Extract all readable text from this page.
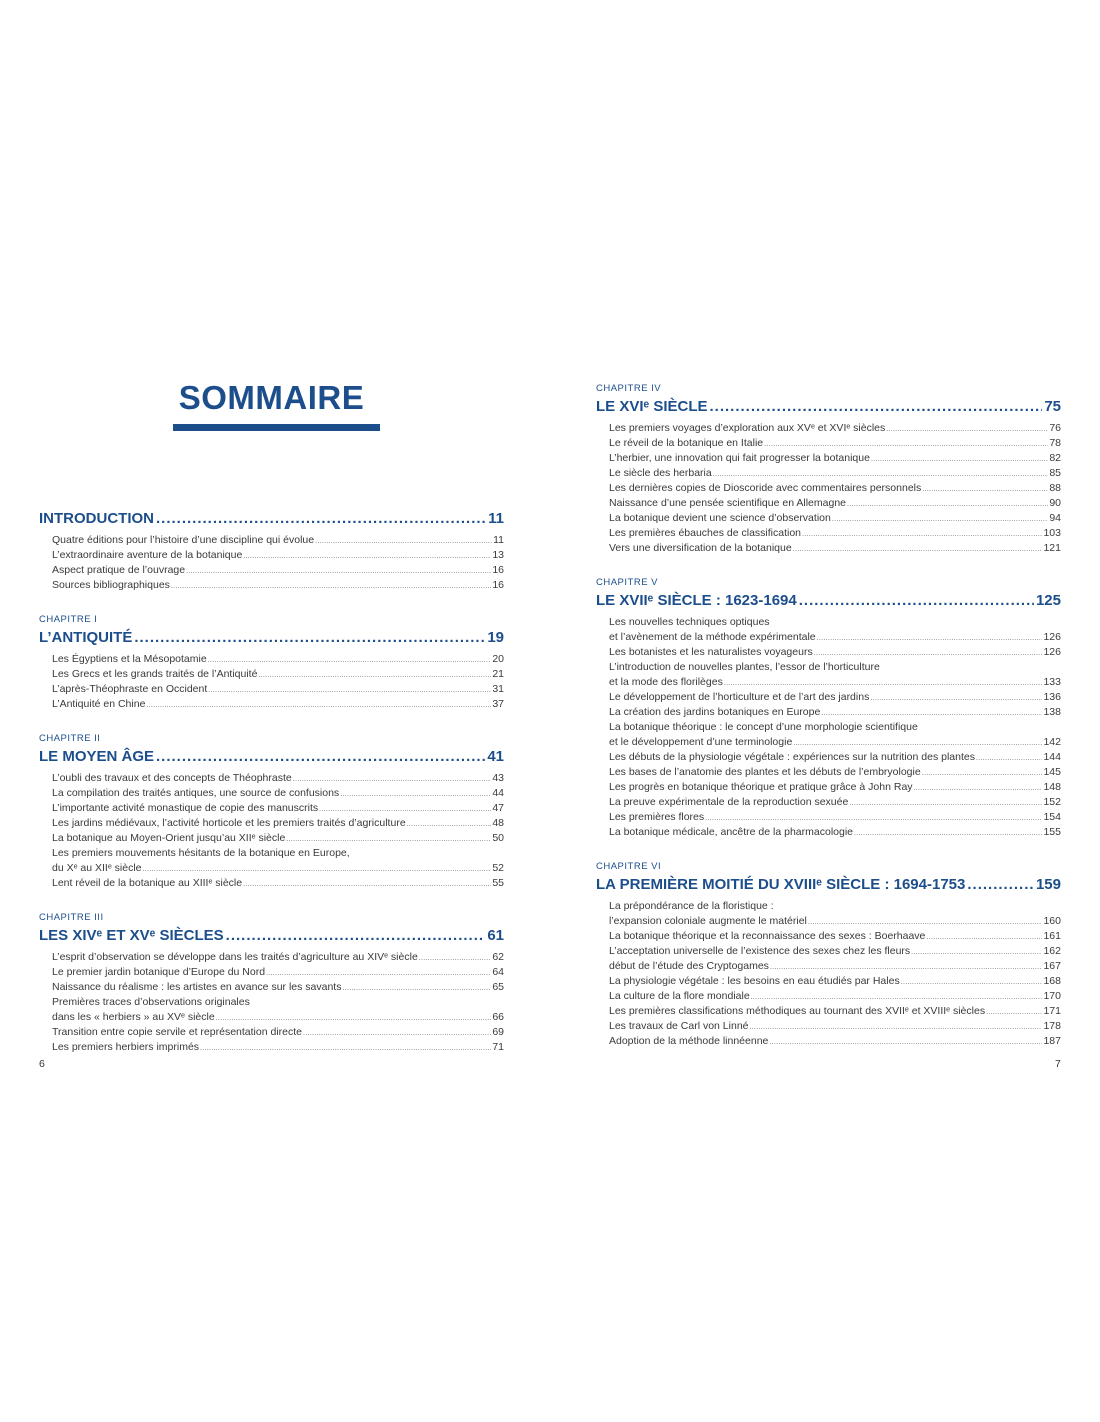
SOMMAIRE
INTRODUCTION .....	11
Quatre éditions pour l’histoire d’une discipline qui évolue .....	11
L’extraordinaire aventure de la botanique .....	13
Aspect pratique de l’ouvrage .....	16
Sources bibliographiques .....	16
CHAPITRE I
L’ANTIQUITÉ .....	19
Les Égyptiens et la Mésopotamie .....	20
Les Grecs et les grands traités de l’Antiquité .....	21
L’après-Théophraste en Occident .....	31
L’Antiquité en Chine .....	37
CHAPITRE II
LE MOYEN ÂGE .....	41
L’oubli des travaux et des concepts de Théophraste .....	43
La compilation des traités antiques, une source de confusions .....	44
L’importante activité monastique de copie des manuscrits .....	47
Les jardins médiévaux, l’activité horticole et les premiers traités d’agriculture .....	48
La botanique au Moyen-Orient jusqu’au XIIᵉ siècle .....	50
Les premiers mouvements hésitants de la botanique en Europe,
du Xᵉ au XIIᵉ siècle .....	52
Lent réveil de la botanique au XIIIᵉ siècle .....	55
CHAPITRE III
LES XIVᵉ ET XVᵉ SIÈCLES .....	61
L’esprit d’observation se développe dans les traités d’agriculture au XIVᵉ siècle .....	62
Le premier jardin botanique d’Europe du Nord .....	64
Naissance du réalisme : les artistes en avance sur les savants .....	65
Premières traces d’observations originales
dans les « herbiers » au XVᵉ siècle .....	66
Transition entre copie servile et représentation directe .....	69
Les premiers herbiers imprimés .....	71
CHAPITRE IV
LE XVIᵉ SIÈCLE .....	75
Les premiers voyages d’exploration aux XVᵉ et XVIᵉ siècles .....	76
Le réveil de la botanique en Italie .....	78
L’herbier, une innovation qui fait progresser la botanique .....	82
Le siècle des herbaria .....	85
Les dernières copies de Dioscoride avec commentaires personnels .....	88
Naissance d’une pensée scientifique en Allemagne .....	90
La botanique devient une science d’observation .....	94
Les premières ébauches de classification .....	103
Vers une diversification de la botanique .....	121
CHAPITRE V
LE XVIIᵉ SIÈCLE : 1623-1694 .....	125
Les nouvelles techniques optiques
et l’avènement de la méthode expérimentale .....	126
Les botanistes et les naturalistes voyageurs .....	126
L’introduction de nouvelles plantes, l’essor de l’horticulture
et la mode des florilèges .....	133
Le développement de l’horticulture et de l’art des jardins .....	136
La création des jardins botaniques en Europe .....	138
La botanique théorique : le concept d’une morphologie scientifique
et le développement d’une terminologie .....	142
Les débuts de la physiologie végétale : expériences sur la nutrition des plantes .....	144
Les bases de l’anatomie des plantes et les débuts de l’embryologie .....	145
Les progrès en botanique théorique et pratique grâce à John Ray .....	148
La preuve expérimentale de la reproduction sexuée .....	152
Les premières flores .....	154
La botanique médicale, ancêtre de la pharmacologie .....	155
CHAPITRE VI
LA PREMIÈRE MOITIÉ DU XVIIIᵉ SIÈCLE : 1694-1753 .....	159
La prépondérance de la floristique :
l’expansion coloniale augmente le matériel .....	160
La botanique théorique et la reconnaissance des sexes : Boerhaave .....	161
L’acceptation universelle de l’existence des sexes chez les fleurs .....	162
début de l’étude des Cryptogames .....	167
La physiologie végétale : les besoins en eau étudiés par Hales .....	168
La culture de la flore mondiale .....	170
Les premières classifications méthodiques au tournant des XVIIᵉ et XVIIIᵉ siècles .....	171
Les travaux de Carl von Linné .....	178
Adoption de la méthode linnéenne .....	187
6	7
